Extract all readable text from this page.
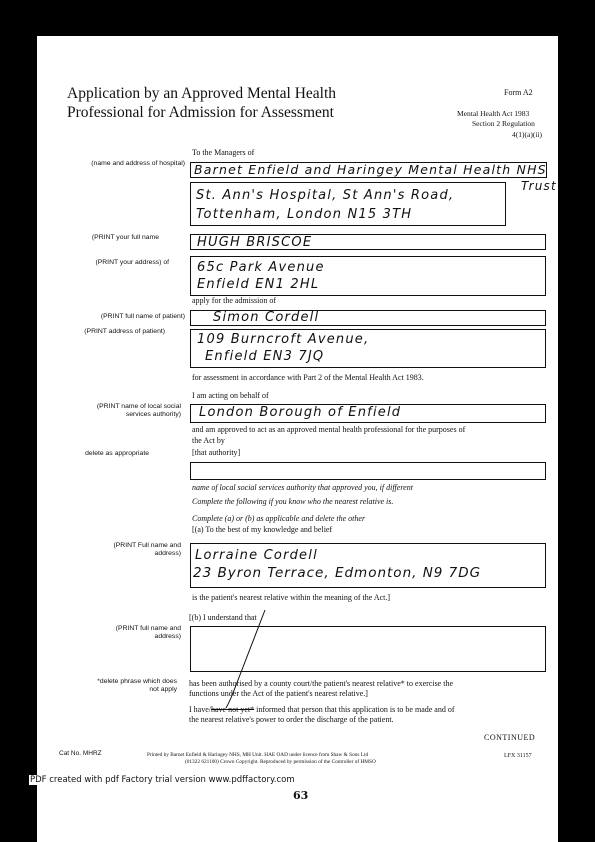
Application by an Approved Mental Health
Professional for Admission for Assessment
Form A2
Mental Health Act 1983
Section 2 Regulation
4(1)(a)(ii)
To the Managers of
(name and address of hospital) Barnet Enfield and Haringey Mental Health NHS
Trust
St. Ann's Hospital, St Ann's Road,
Tottenham, London N15 3TH
(PRINT your full name	HUGH BRISCOE
(PRINT your address) of 65c Park Avenue
Enfield EN1 2HL
apply for the admission of
(PRINT full name of patient) Simon Cordell
(PRINT address of patient)
109 Burncroft Avenue,
Enfield EN3 7JQ
for assessment in accordance with Part 2 of the Mental Health Act 1983.
I am acting on behalf of
(PRINT name of local social services authority) London Borough of Enfield
and am approved to act as an approved mental health professional for the purposes of
the Act by
delete as appropriate	[that authority]
name of local social services authority that approved you, if different
Complete the following if you know who the nearest relative is.
Complete (a) or (b) as applicable and delete the other
[(a) To the best of my knowledge and belief
(PRINT Full name and address) Lorraine Cordell
23 Byron Terrace, Edmonton, N9 7DG
is the patient's nearest relative within the meaning of the Act.]
[(b) I understand that
(PRINT full name and address)
*delete phrase which does not apply
has been authorised by a county court/the patient's nearest relative* to exercise the
functions under the Act of the patient's nearest relative.]
I have/have not yet* informed that person that this application is to be made and of
the nearest relative's power to order the discharge of the patient.
CONTINUED
Cat No. MHRZ	Printed by Barnet Enfield & Haringey NHS, MH Unit. HAE OAD under licence from Shaw & Sons Ltd
(01322 621100) Crown Copyright. Reproduced by permission of the Controller of HMSO
LFX 31157
PDF created with pdf Factory trial version www.pdffactory.com
63
